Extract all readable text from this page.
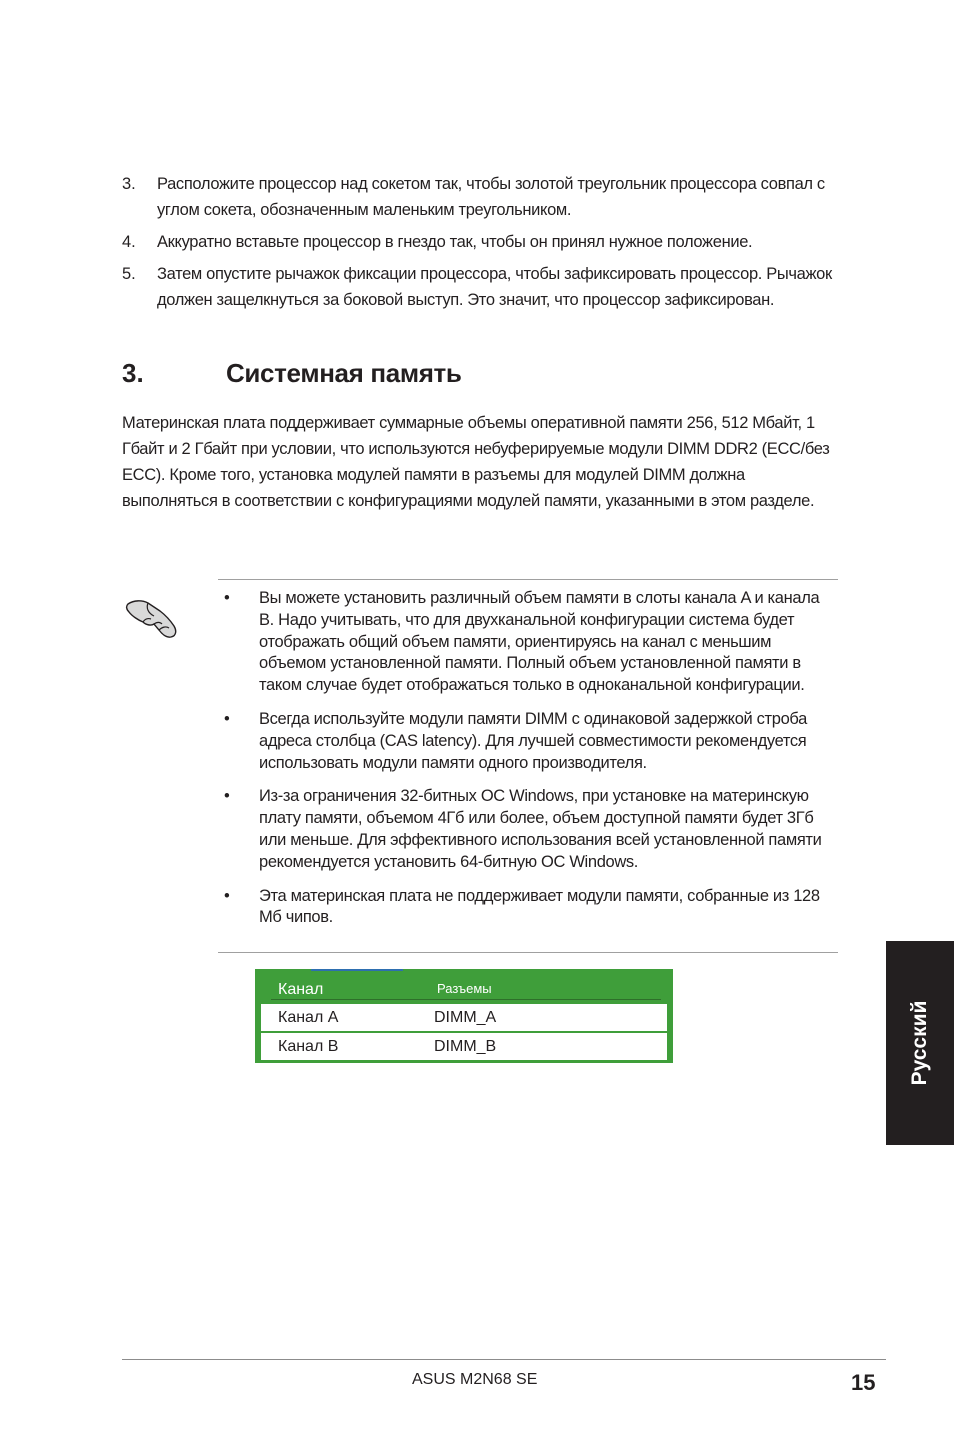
3.	Расположите процессор над сокетом так, чтобы золотой треугольник процессора совпал с углом сокета, обозначенным маленьким треугольником.
4.	Аккуратно вставьте процессор в гнездо так, чтобы он принял нужное положение.
5.	Затем опустите рычажок фиксации процессора, чтобы зафиксировать процессор. Рычажок должен защелкнуться за боковой выступ. Это значит, что процессор зафиксирован.
3.	Системная память
Материнская плата поддерживает суммарные объемы оперативной памяти 256, 512 Мбайт, 1 Гбайт и 2 Гбайт при условии, что используются небуферируемые модули DIMM DDR2 (ECC/без ECC). Кроме того, установка модулей памяти в разъемы для модулей DIMM должна выполняться в соответствии с конфигурациями модулей памяти, указанными в этом разделе.
•	Вы можете установить различный объем памяти в слоты канала A и канала B. Надо учитывать, что для двухканальной конфигурации система будет отображать общий объем памяти, ориентируясь на канал с меньшим объемом установленной памяти. Полный объем установленной памяти в таком случае будет отображаться только в одноканальной конфигурации.
•	Всегда используйте модули памяти DIMM с одинаковой задержкой строба адреса столбца (CAS latency). Для лучшей совместимости рекомендуется использовать модули памяти одного производителя.
•	Из-за ограничения 32-битных ОС Windows, при установке на материнскую плату памяти, объемом 4Гб или более, объем доступной памяти будет 3Гб или меньше. Для эффективного использования всей установленной памяти рекомендуется установить 64-битную ОС Windows.
•	Эта материнская плата не поддерживает модули памяти, собранные из 128 Мб чипов.
Канал	Разъемы
Канал A	DIMM_A
Канал B	DIMM_B	Русский
ASUS M2N68 SE	15
